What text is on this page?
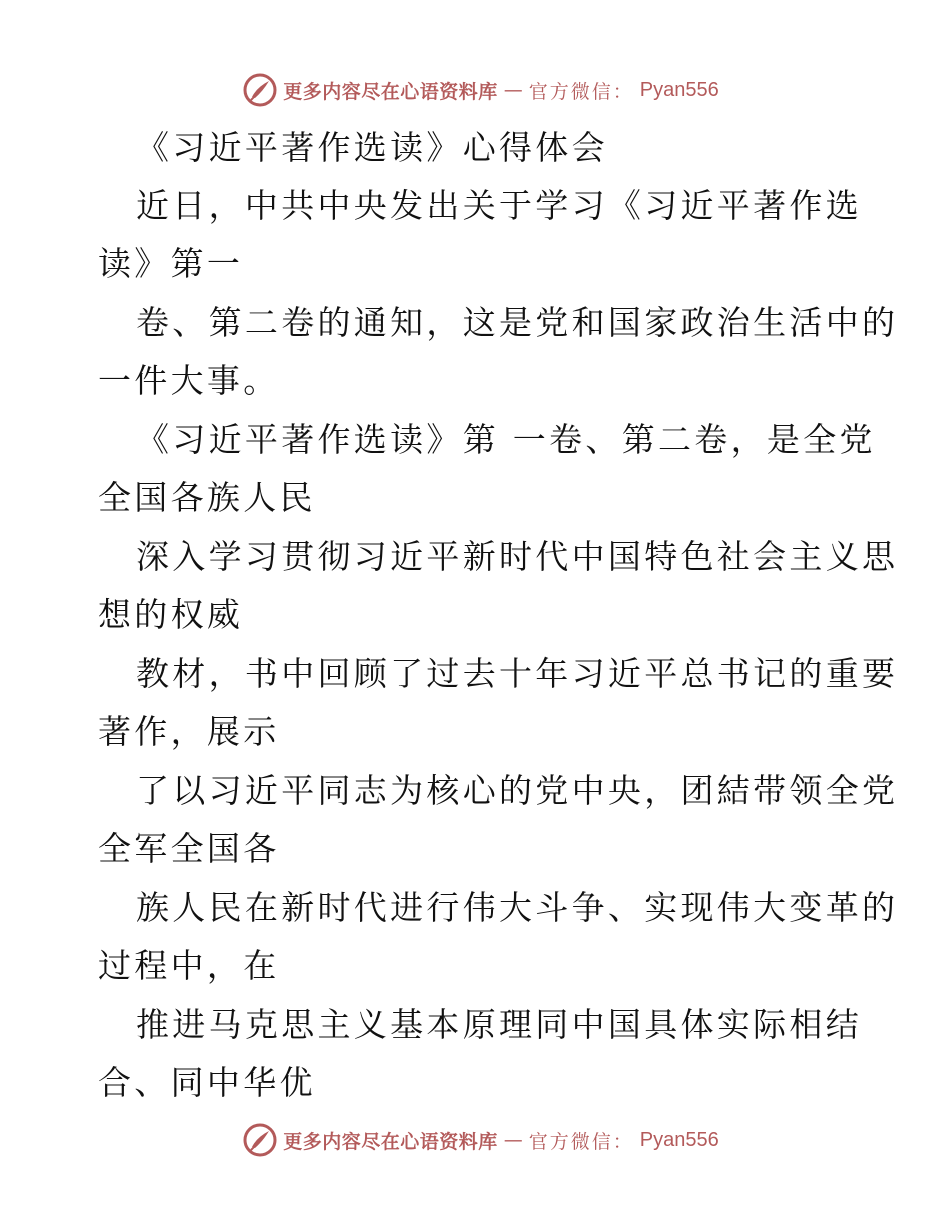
更多内容尽在心语资料库 — 官方微信： Pyan556
《习近平著作选读》心得体会
近日，中共中央发出关于学习《习近平著作选
读》第一
卷、第二卷的通知，这是党和国家政治生活中的
一件大事。
《习近平著作选读》第 一卷、第二卷，是全党
全国各族人民
深入学习贯彻习近平新时代中国特色社会主义思
想的权威
教材，书中回顾了过去十年习近平总书记的重要
著作，展示
了以习近平同志为核心的党中央，团結带领全党
全军全国各
族人民在新时代进行伟大斗争、实现伟大变革的
过程中，在
推进马克思主义基本原理同中国具体实际相结
合、同中华优
更多内容尽在心语资料库 — 官方微信： Pyan556
